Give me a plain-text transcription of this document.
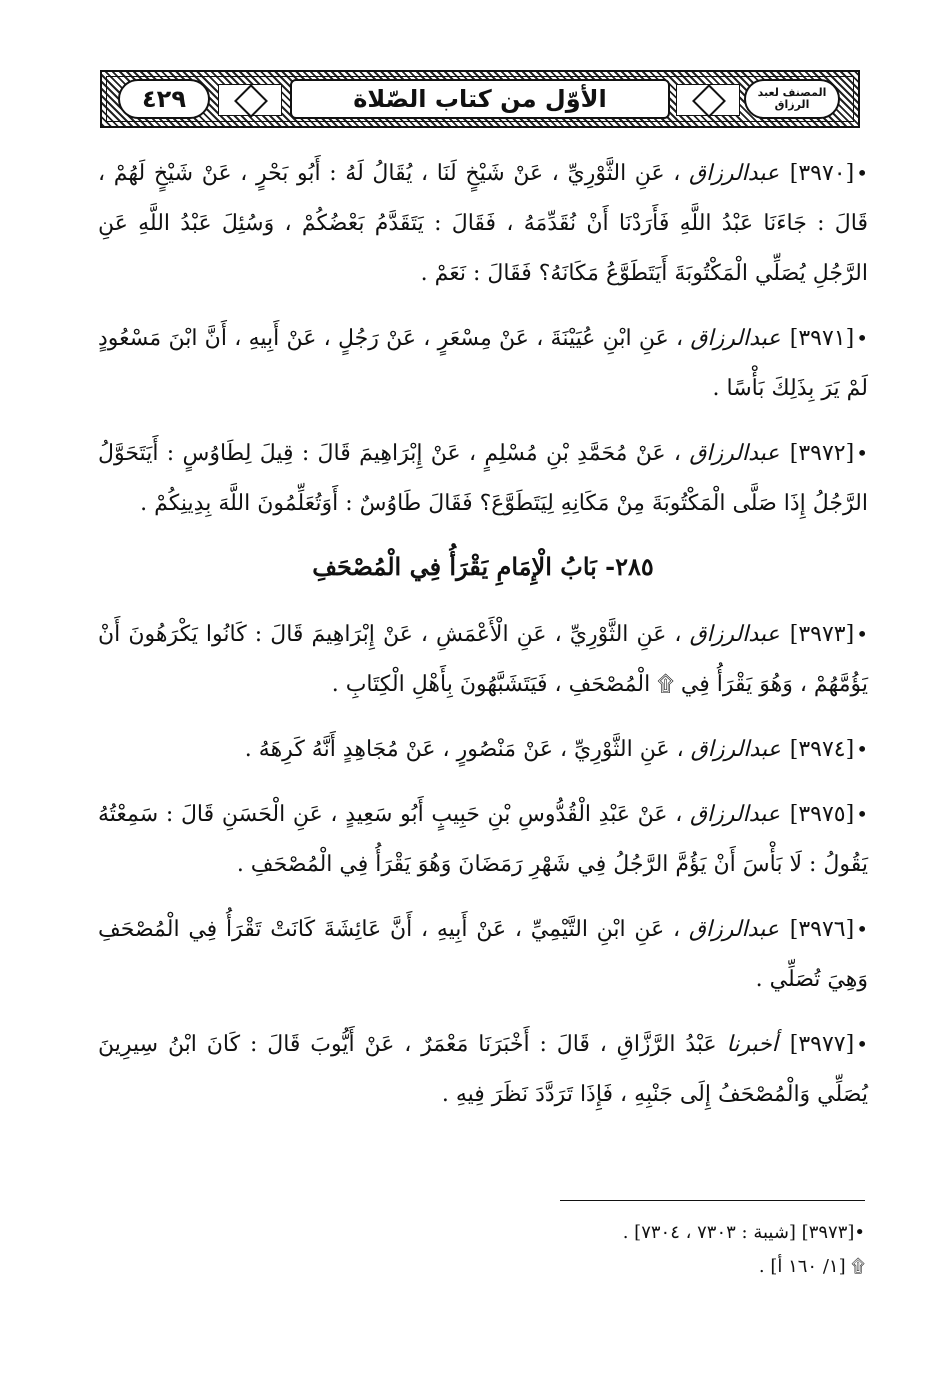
٤٢٩	الأوّل من كتاب الصّلاة	المصنف لعبد الرزاق

•[٣٩٧٠] عبدالرزاق ، عَنِ الثَّوْرِيِّ ، عَنْ شَيْخٍ لَنَا ، يُقَالُ لَهُ : أَبُو بَحْرٍ ، عَنْ شَيْخٍ لَهُمْ ، قَالَ : جَاءَنَا عَبْدُ اللَّهِ فَأَرَدْنَا أَنْ نُقَدِّمَهُ ، فَقَالَ : يَتَقَدَّمُ بَعْضُكُمْ ، وَسُئِلَ عَبْدُ اللَّهِ عَنِ الرَّجُلِ يُصَلِّي الْمَكْتُوبَةَ أَيَتَطَوَّعُ مَكَانَهُ؟ فَقَالَ : نَعَمْ .

•[٣٩٧١] عبدالرزاق ، عَنِ ابْنِ عُيَيْنَةَ ، عَنْ مِسْعَرٍ ، عَنْ رَجُلٍ ، عَنْ أَبِيهِ ، أَنَّ ابْنَ مَسْعُودٍ لَمْ يَرَ بِذَلِكَ بَأْسًا .

•[٣٩٧٢] عبدالرزاق ، عَنْ مُحَمَّدِ بْنِ مُسْلِمٍ ، عَنْ إِبْرَاهِيمَ قَالَ : قِيلَ لِطَاوُسٍ : أَيَتَحَوَّلُ الرَّجُلُ إِذَا صَلَّى الْمَكْتُوبَةَ مِنْ مَكَانِهِ لِيَتَطَوَّعَ؟ فَقَالَ طَاوُسٌ : أَوَتُعَلِّمُونَ اللَّهَ بِدِينِكُمْ .

٢٨٥- بَابُ الْإِمَامِ يَقْرَأُ فِي الْمُصْحَفِ

•[٣٩٧٣] عبدالرزاق ، عَنِ الثَّوْرِيِّ ، عَنِ الْأَعْمَشِ ، عَنْ إِبْرَاهِيمَ قَالَ : كَانُوا يَكْرَهُونَ أَنْ يَؤُمَّهُمْ ، وَهُوَ يَقْرَأُ فِي ۩ الْمُصْحَفِ ، فَيَتَشَبَّهُونَ بِأَهْلِ الْكِتَابِ .

•[٣٩٧٤] عبدالرزاق ، عَنِ الثَّوْرِيِّ ، عَنْ مَنْصُورٍ ، عَنْ مُجَاهِدٍ أَنَّهُ كَرِهَهُ .

•[٣٩٧٥] عبدالرزاق ، عَنْ عَبْدِ الْقُدُّوسِ بْنِ حَبِيبٍ أَبُو سَعِيدٍ ، عَنِ الْحَسَنِ قَالَ : سَمِعْتُهُ يَقُولُ : لَا بَأْسَ أَنْ يَؤُمَّ الرَّجُلُ فِي شَهْرِ رَمَضَانَ وَهُوَ يَقْرَأُ فِي الْمُصْحَفِ .

•[٣٩٧٦] عبدالرزاق ، عَنِ ابْنِ التَّيْمِيِّ ، عَنْ أَبِيهِ ، أَنَّ عَائِشَةَ كَانَتْ تَقْرَأُ فِي الْمُصْحَفِ وَهِيَ تُصَلِّي .

•[٣٩٧٧] أخبرنا عَبْدُ الرَّزَّاقِ ، قَالَ : أَخْبَرَنَا مَعْمَرٌ ، عَنْ أَيُّوبَ قَالَ : كَانَ ابْنُ سِيرِينَ يُصَلِّي وَالْمُصْحَفُ إِلَى جَنْبِهِ ، فَإِذَا تَرَدَّدَ نَظَرَ فِيهِ .

•[٣٩٧٣] [شيبة : ٧٣٠٣ ، ٧٣٠٤] .
۩ [١/ ١٦٠ أ] .
